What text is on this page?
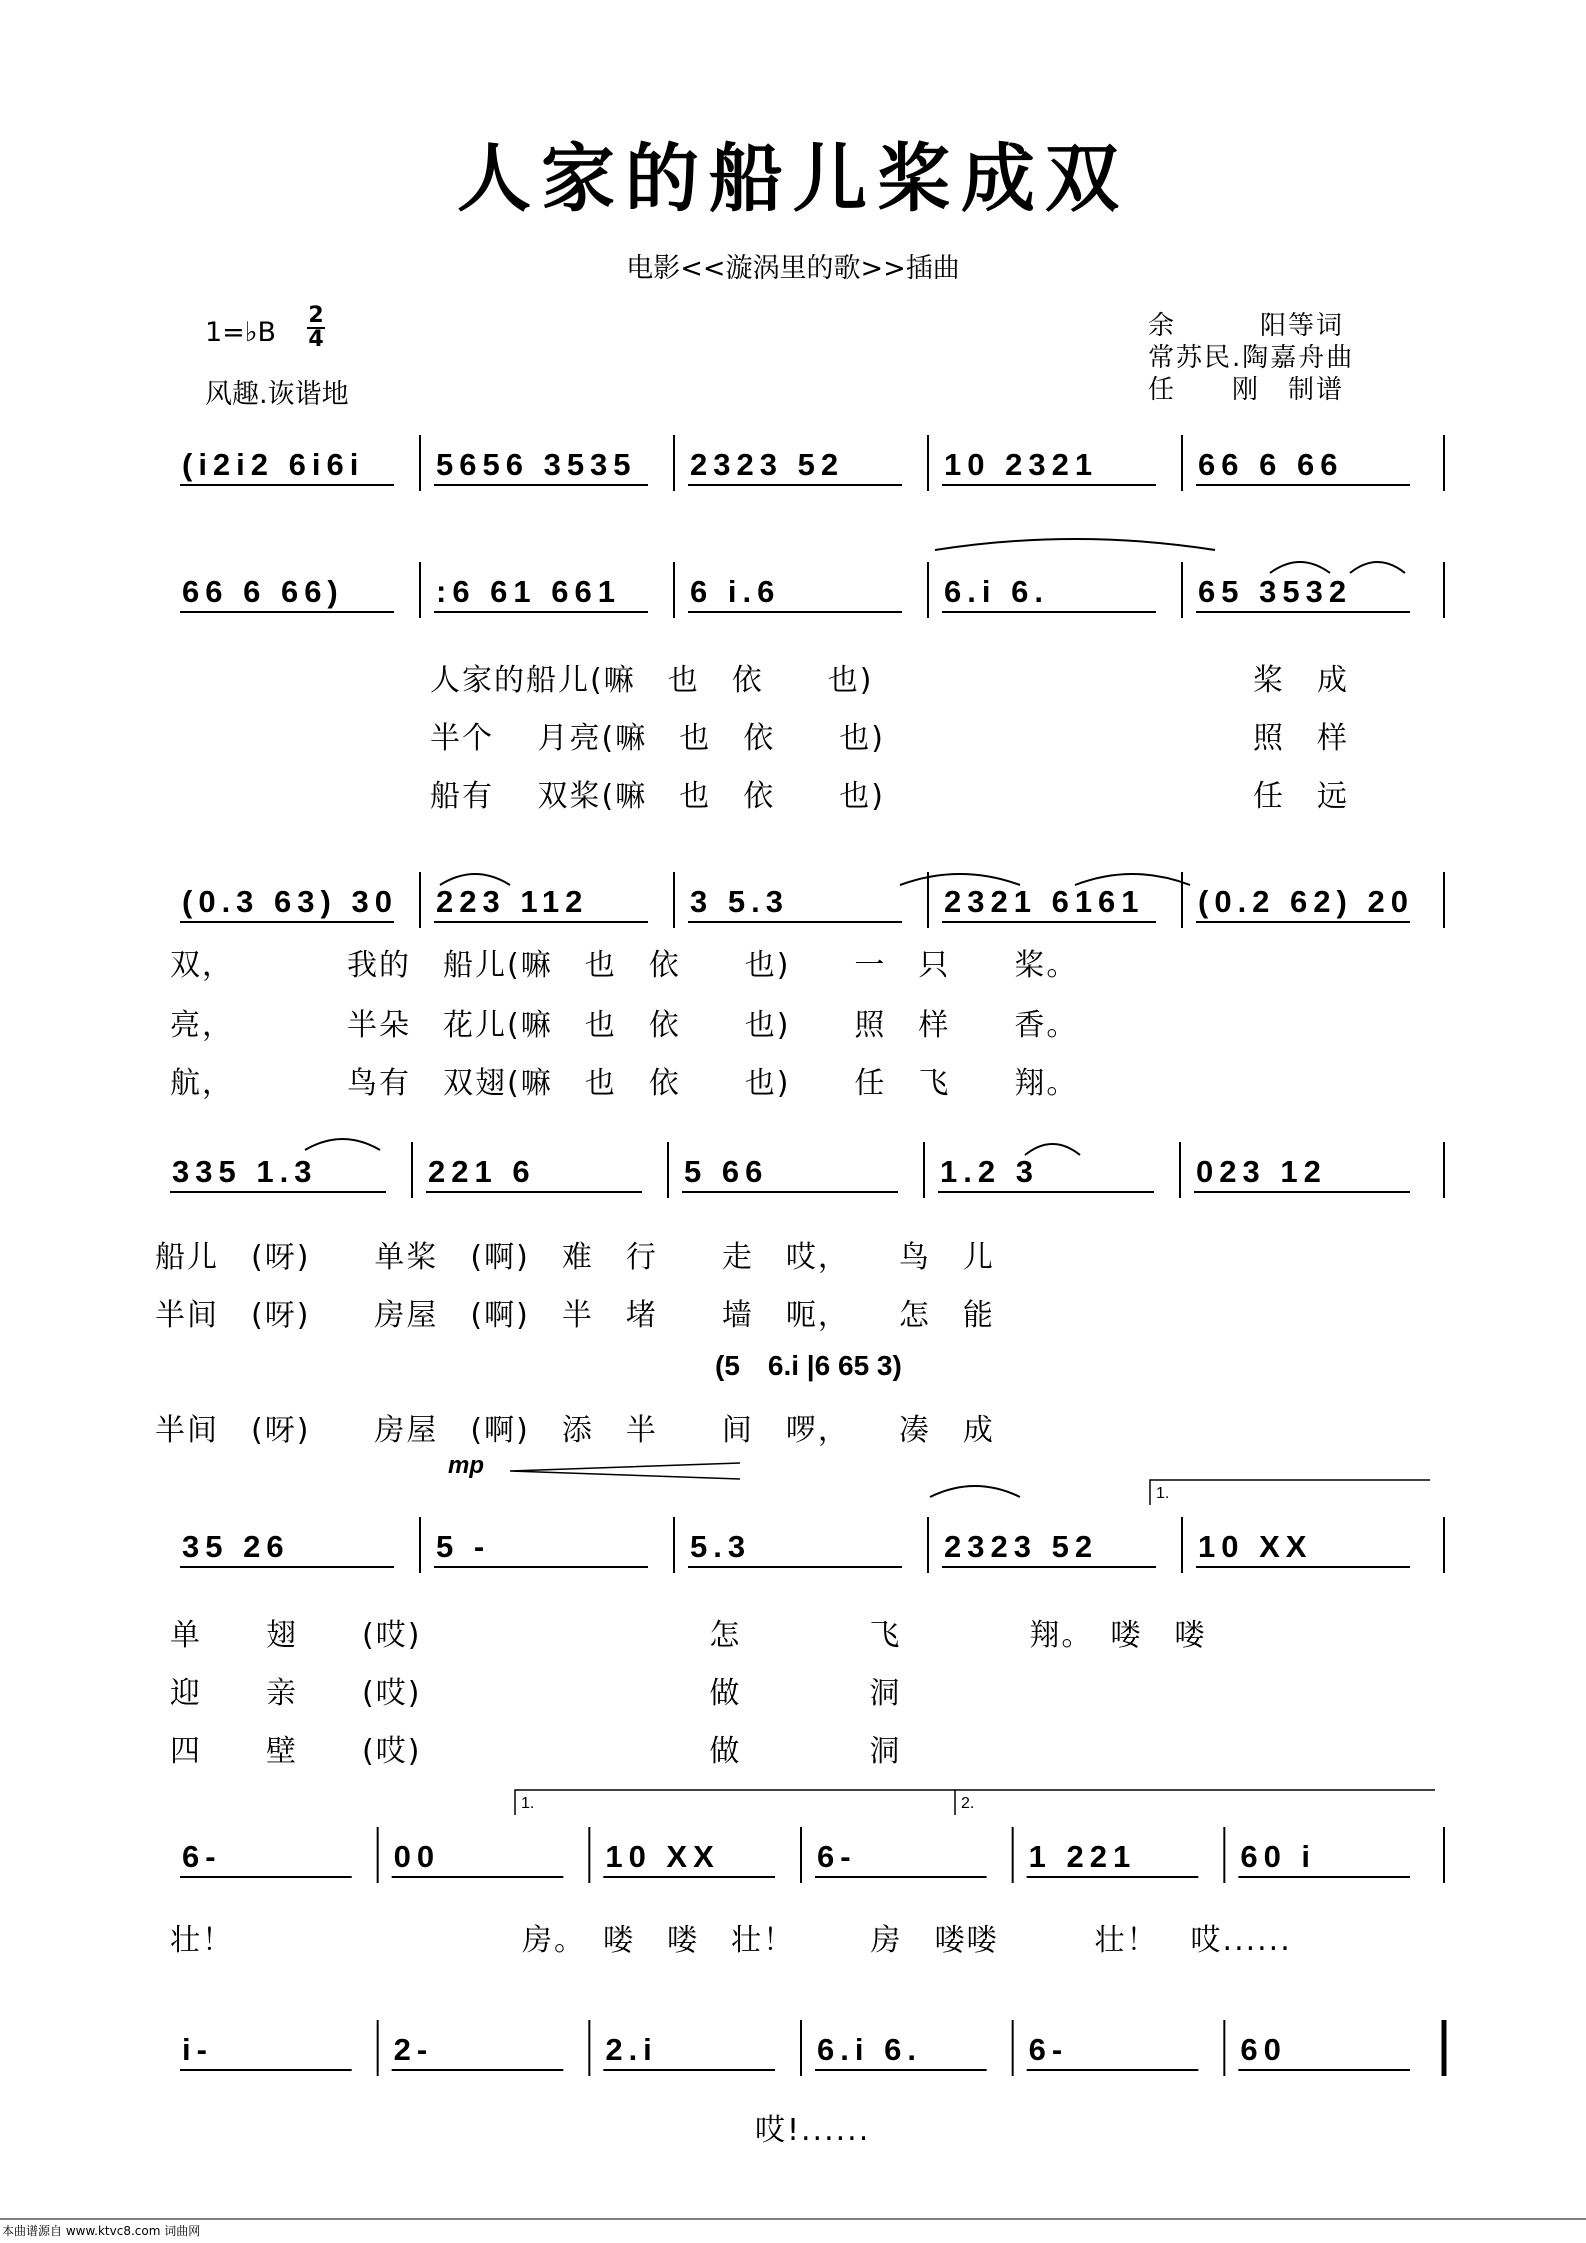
人家的船儿桨成双
电影<<漩涡里的歌>>插曲
1=♭B
2
4
风趣.诙谐地
余　　　阳等词
常苏民.陶嘉舟曲
任　　刚　制谱
(i2i2 6i6i 5656 3535 2323 52	10 2321	66 6 66
66 6 66)	:6 61 661 6 i.6	6.i 6.	65 3532
(0.3 63) 30 223 112	3 5.3	2321 6161 (0.2 62) 20
335 1.3	221 6	5 66	1.2 3	023 12
35 26	5 -	5.3	2323 52	10 XX
6-	00	10 XX	6-	1 221	60 i
i-	2-	2.i	6.i 6.	6-	60
mp
1.
1.	2.
(5　6.i |6 65 3)
人家的船儿(嘛　也　依　　也)
半个　 月亮(嘛　也　依　　也)
船有　 双桨(嘛　也　依　　也)
桨　成
照　样
任　远
双，　　　　我的　船儿(嘛　也　依　　也)　　一　只　　桨。
亮，　　　　半朵　花儿(嘛　也　依　　也)　　照　样　　香。
航，　　　　鸟有　双翅(嘛　也　依　　也)　　任　飞　　翔。
船儿　(呀)　　单桨　(啊)　难　行　　走　哎，　　鸟　儿
半间　(呀)　　房屋　(啊)　半　堵　　墙　呃，　　怎　能
半间　(呀)　　房屋　(啊)　添　半　　间　啰，　　凑　成
单　　翅　　(哎)　　　　　　　　　怎　　　　飞　　　　翔。　喽　喽
迎　　亲　　(哎)　　　　　　　　　做　　　　洞
四　　壁　　(哎)　　　　　　　　　做　　　　洞
壮！　　　　　　　　　房。　喽　喽　壮！　　 房　喽喽　　　壮！　哎......
哎!......
本曲谱源自 www.ktvc8.com 词曲网
